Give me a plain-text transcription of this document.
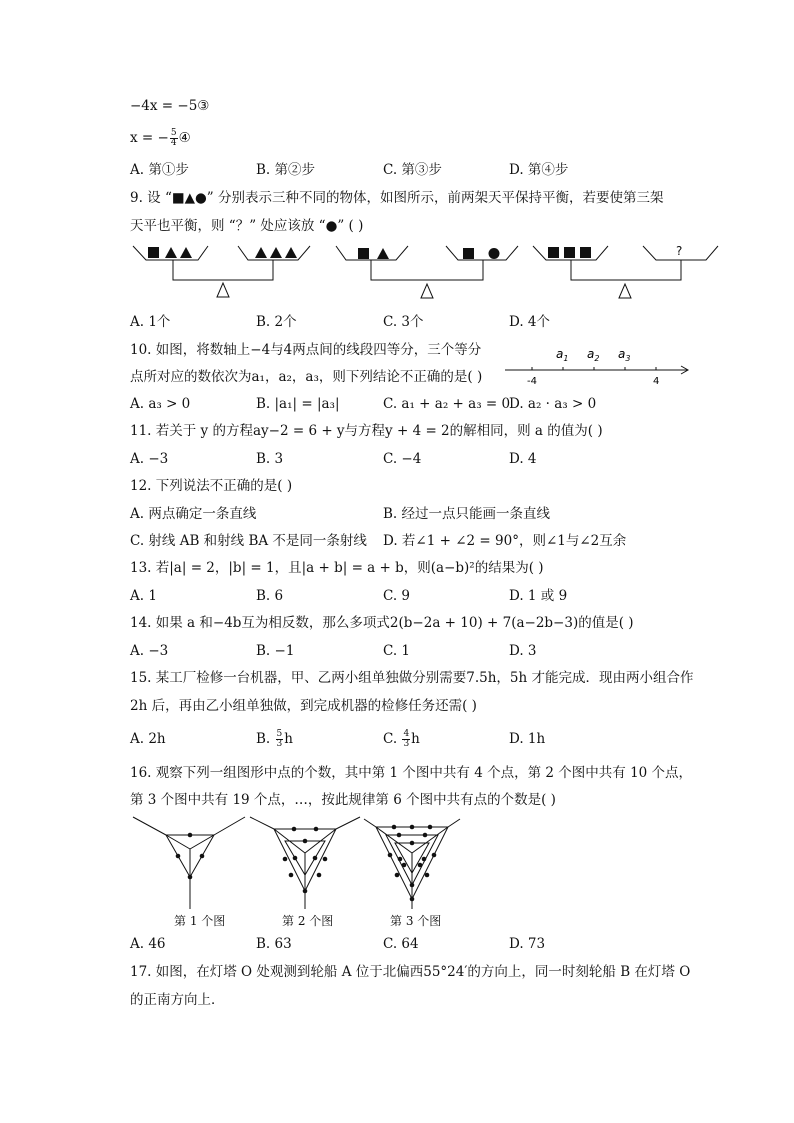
−4x = −5③
x = − $\frac{5}{4}$ ④
A. 第①步	B. 第②步	C. 第③步	D. 第④步
9. 设 “■▲●” 分别表示三种不同的物体，如图所示，前两架天平保持平衡，若要使第三架
天平也平衡，则 “？” 处应该放 “●” ( )
?
A. 1个	B. 2个	C. 3个	D. 4个
10. 如图，将数轴上−4与4两点间的线段四等分，三个等分
点所对应的数依次为a₁，a₂，a₃，则下列结论不正确的是( )	-4	4
$a_1$ $a_2$ $a_3$
A. a₃ > 0	B. |a₁| = |a₃|	C. a₁ + a₂ + a₃ = 0
D. a₂ · a₃ > 0
11. 若关于 y 的方程ay−2 = 6 + y与方程y + 4 = 2的解相同，则 a 的值为( )
A. −3	B. 3	C. −4	D. 4
12. 下列说法不正确的是( )
A. 两点确定一条直线	B. 经过一点只能画一条直线
C. 射线 AB 和射线 BA 不是同一条射线 D. 若∠1 + ∠2 = 90°，则∠1与∠2互余
13. 若|a| = 2，|b| = 1，且|a + b| = a + b，则(a−b)²的结果为( )
A. 1	B. 6	C. 9	D. 1 或 9
14. 如果 a 和−4b互为相反数，那么多项式2(b−2a + 10) + 7(a−2b−3)的值是( )
A. −3	B. −1	C. 1	D. 3
15. 某工厂检修一台机器，甲、乙两小组单独做分别需要7.5h，5h 才能完成．现由两小组合作
2h 后，再由乙小组单独做，到完成机器的检修任务还需( )
A. 2h	B. $\frac{5}{3}$ h	C. $\frac{4}{3}$ h	D. 1h
16. 观察下列一组图形中点的个数，其中第 1 个图中共有 4 个点，第 2 个图中共有 10 个点，
第 3 个图中共有 19 个点，…，按此规律第 6 个图中共有点的个数是( )
第 1 个图	第 2 个图	第 3 个图
A. 46	B. 63	C. 64	D. 73
17. 如图，在灯塔 O 处观测到轮船 A 位于北偏西55°24′的方向上，同一时刻轮船 B 在灯塔 O
的正南方向上．
